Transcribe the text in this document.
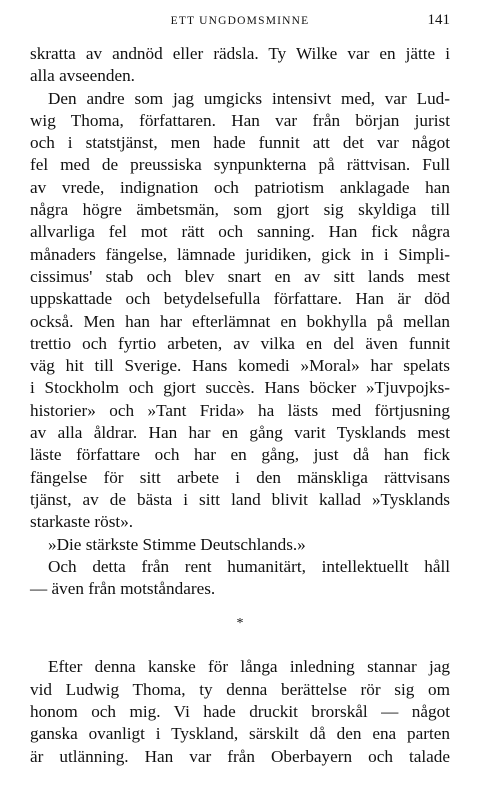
ETT UNGDOMSMINNE	141
skratta av andnöd eller rädsla. Ty Wilke var en jätte i
alla avseenden.
Den andre som jag umgicks intensivt med, var Lud-
wig Thoma, författaren. Han var från början jurist
och i statstjänst, men hade funnit att det var något
fel med de preussiska synpunkterna på rättvisan. Full
av vrede, indignation och patriotism anklagade han
några högre ämbetsmän, som gjort sig skyldiga till
allvarliga fel mot rätt och sanning. Han fick några
månaders fängelse, lämnade juridiken, gick in i Simpli-
cissimus' stab och blev snart en av sitt lands mest
uppskattade och betydelsefulla författare. Han är död
också. Men han har efterlämnat en bokhylla på mellan
trettio och fyrtio arbeten, av vilka en del även funnit
väg hit till Sverige. Hans komedi »Moral» har spelats
i Stockholm och gjort succès. Hans böcker »Tjuvpojks-
historier» och »Tant Frida» ha lästs med förtjusning
av alla åldrar. Han har en gång varit Tysklands mest
läste författare och har en gång, just då han fick
fängelse för sitt arbete i den mänskliga rättvisans
tjänst, av de bästa i sitt land blivit kallad »Tysklands
starkaste röst».
»Die stärkste Stimme Deutschlands.»
Och detta från rent humanitärt, intellektuellt håll
— även från motståndares.
*
Efter denna kanske för långa inledning stannar jag
vid Ludwig Thoma, ty denna berättelse rör sig om
honom och mig. Vi hade druckit brorskål — något
ganska ovanligt i Tyskland, särskilt då den ena parten
är utlänning. Han var från Oberbayern och talade
